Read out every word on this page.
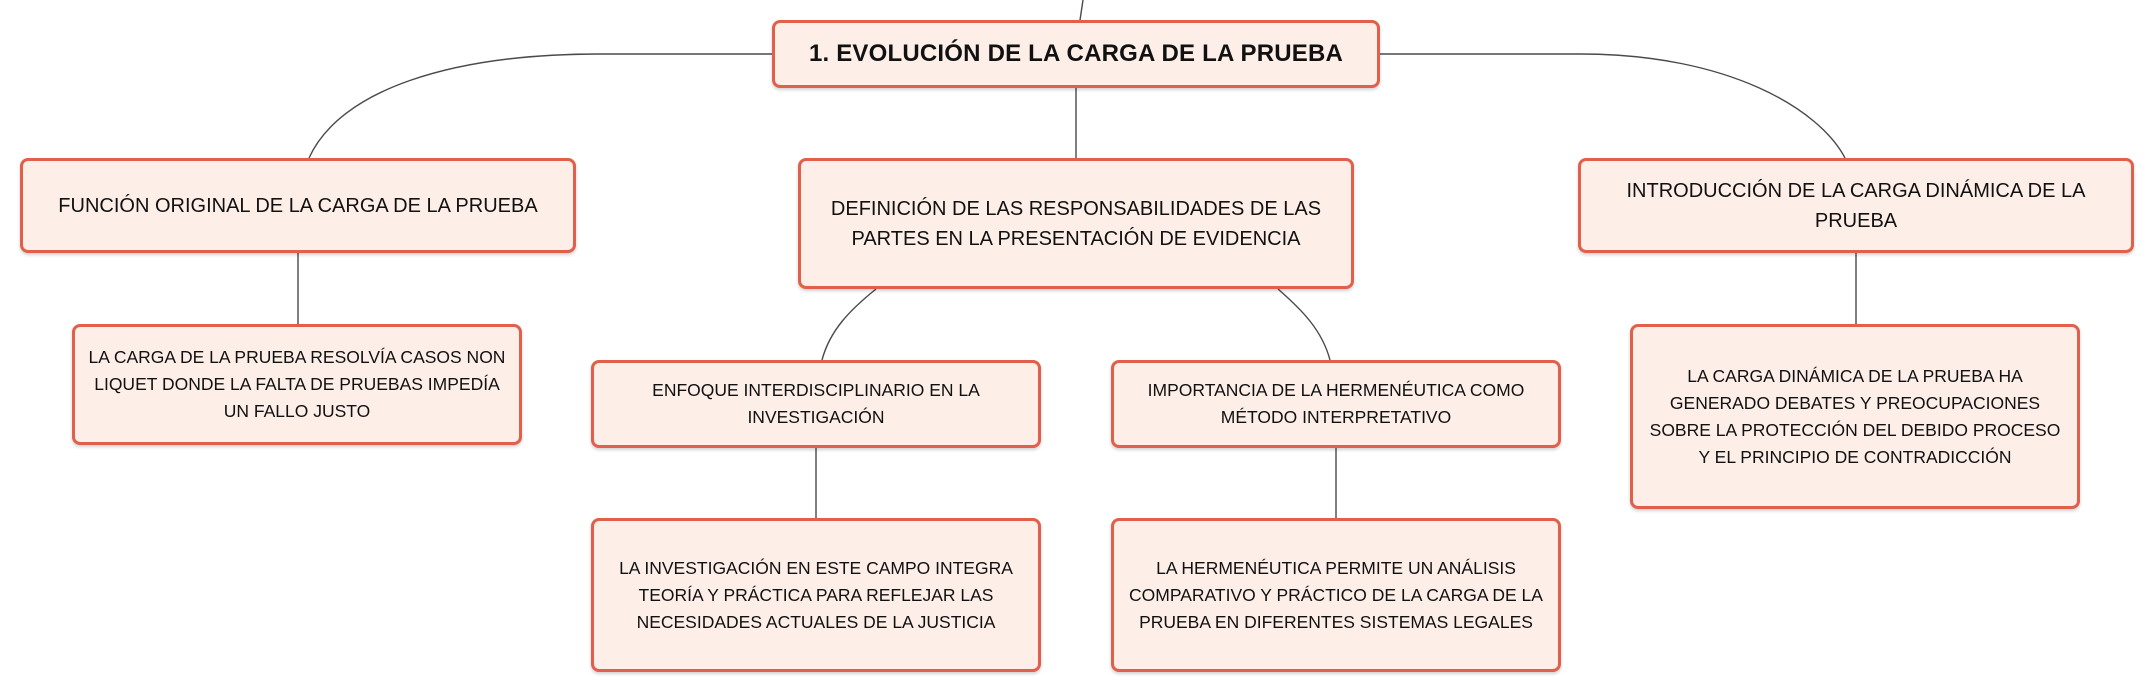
1. EVOLUCIÓN DE LA CARGA DE LA PRUEBA
FUNCIÓN ORIGINAL DE LA CARGA DE LA PRUEBA	DEFINICIÓN DE LAS RESPONSABILIDADES DE LAS PARTES EN LA PRESENTACIÓN DE EVIDENCIA
INTRODUCCIÓN DE LA CARGA DINÁMICA DE LA PRUEBA
LA CARGA DE LA PRUEBA RESOLVÍA CASOS NON LIQUET DONDE LA FALTA DE PRUEBAS IMPEDÍA UN FALLO JUSTO
ENFOQUE INTERDISCIPLINARIO EN LA INVESTIGACIÓN
IMPORTANCIA DE LA HERMENÉUTICA COMO MÉTODO INTERPRETATIVO
LA CARGA DINÁMICA DE LA PRUEBA HA GENERADO DEBATES Y PREOCUPACIONES SOBRE LA PROTECCIÓN DEL DEBIDO PROCESO Y EL PRINCIPIO DE CONTRADICCIÓN
LA INVESTIGACIÓN EN ESTE CAMPO INTEGRA TEORÍA Y PRÁCTICA PARA REFLEJAR LAS NECESIDADES ACTUALES DE LA JUSTICIA
LA HERMENÉUTICA PERMITE UN ANÁLISIS COMPARATIVO Y PRÁCTICO DE LA CARGA DE LA PRUEBA EN DIFERENTES SISTEMAS LEGALES
